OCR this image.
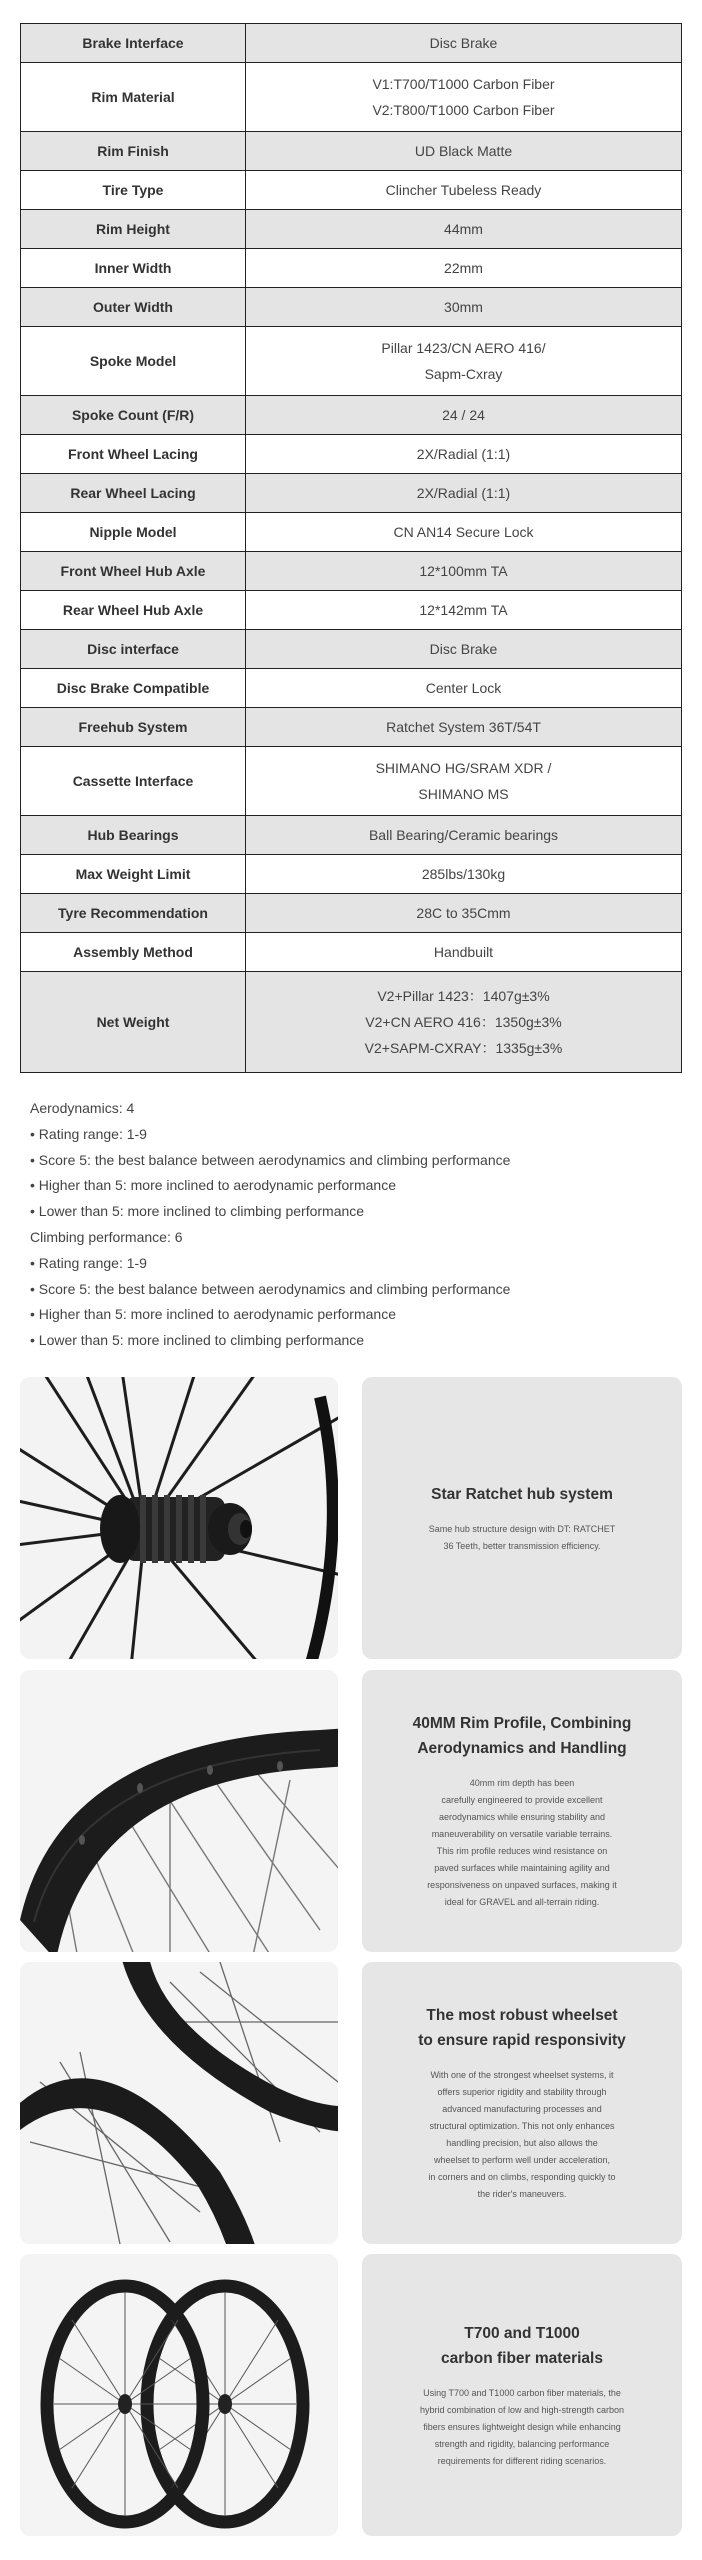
Brake Interface	Disc Brake
Rim Material	V1:T700/T1000 Carbon Fiber
V2:T800/T1000 Carbon Fiber

Rim Finish	UD Black Matte
Tire Type	Clincher Tubeless Ready
Rim Height	44mm
Inner Width	22mm
Outer Width	30mm
Spoke Model	Pillar 1423/CN AERO 416/
Sapm-Cxray

Spoke Count (F/R)	24 / 24
Front Wheel Lacing	2X/Radial (1:1)
Rear Wheel Lacing	2X/Radial (1:1)
Nipple Model	CN AN14 Secure Lock
Front Wheel Hub Axle	12*100mm TA
Rear Wheel Hub Axle	12*142mm TA
Disc interface	Disc Brake
Disc Brake Compatible	Center Lock
Freehub System	Ratchet System 36T/54T
Cassette Interface	SHIMANO HG/SRAM XDR /
SHIMANO MS

Hub Bearings	Ball Bearing/Ceramic bearings
Max Weight Limit	285lbs/130kg
Tyre Recommendation	28C to 35Cmm
Assembly Method	Handbuilt
Net Weight	V2+Pillar 1423：1407g±3%
V2+CN AERO 416：1350g±3%
V2+SAPM-CXRAY：1335g±3%
Aerodynamics: 4
• Rating range: 1-9
• Score 5: the best balance between aerodynamics and climbing performance
• Higher than 5: more inclined to aerodynamic performance
• Lower than 5: more inclined to climbing performance
Climbing performance: 6
• Rating range: 1-9
• Score 5: the best balance between aerodynamics and climbing performance
• Higher than 5: more inclined to aerodynamic performance
• Lower than 5: more inclined to climbing performance
Star Ratchet hub system
Same hub structure design with DT: RATCHET
36 Teeth, better transmission efficiency.
40MM Rim Profile, Combining
Aerodynamics and Handling
40mm rim depth has been
carefully engineered to provide excellent
aerodynamics while ensuring stability and
maneuverability on versatile variable terrains.
This rim profile reduces wind resistance on
paved surfaces while maintaining agility and
responsiveness on unpaved surfaces, making it
ideal for GRAVEL and all-terrain riding.
The most robust wheelset
to ensure rapid responsivity
With one of the strongest wheelset systems, it
offers superior rigidity and stability through
advanced manufacturing processes and
structural optimization. This not only enhances
handling precision, but also allows the
wheelset to perform well under acceleration,
in corners and on climbs, responding quickly to
the rider's maneuvers.
T700 and T1000
carbon fiber materials
Using T700 and T1000 carbon fiber materials, the
hybrid combination of low and high-strength carbon
fibers ensures lightweight design while enhancing
strength and rigidity, balancing performance
requirements for different riding scenarios.
